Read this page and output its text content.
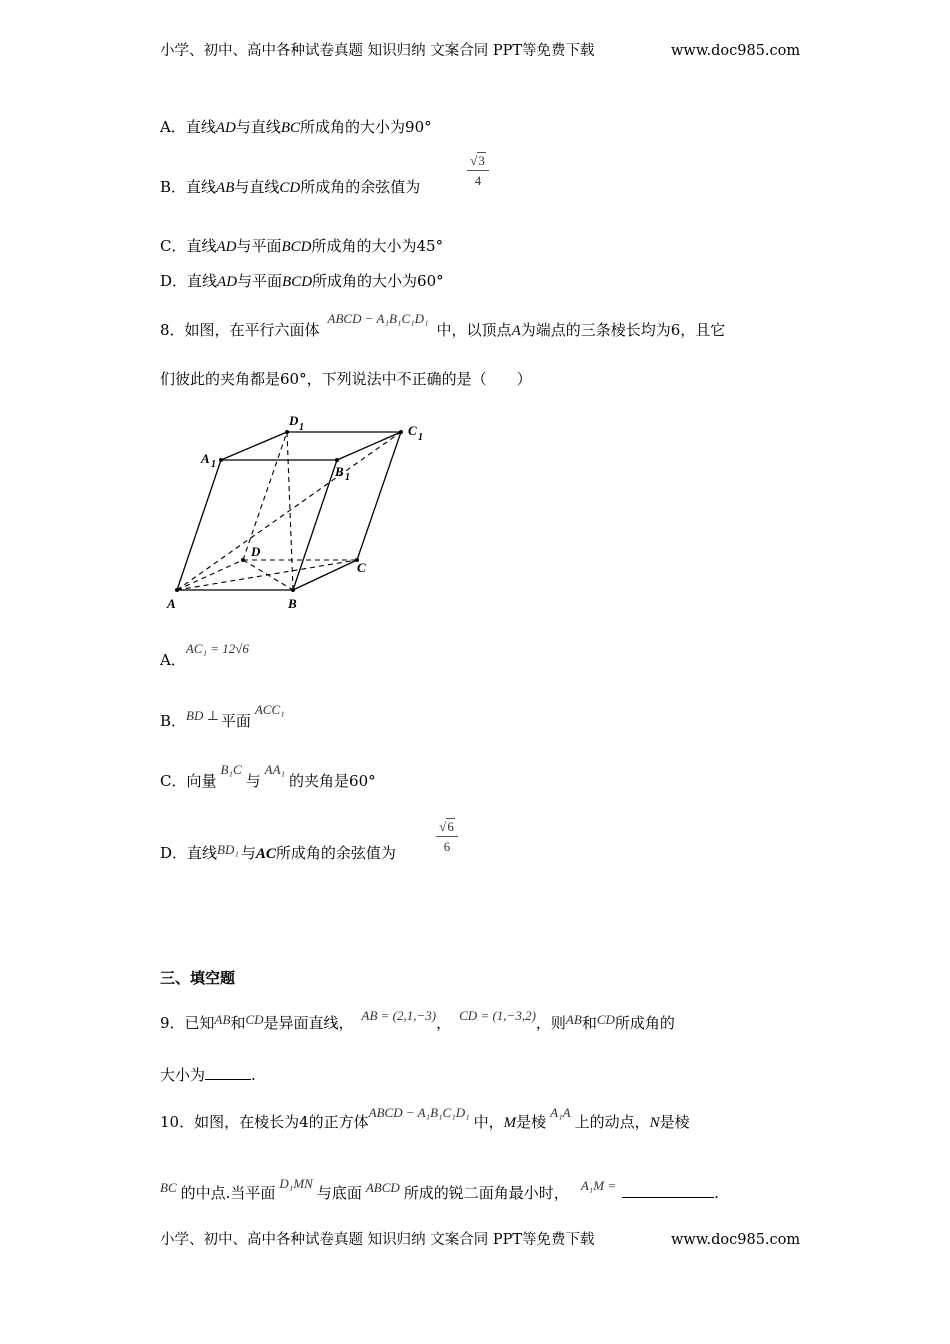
小学、初中、高中各种试卷真题 知识归纳 文案合同 PPT等免费下载	www.doc985.com
A．直线AD与直线BC所成角的大小为90°
B．直线AB与直线CD所成角的余弦值为
√3
4
C．直线AD与平面BCD所成角的大小为45°
D．直线AD与平面BCD所成角的大小为60°
8．如图，在平行六面体ABCD − A₁B₁C₁D₁中，以顶点A为端点的三条棱长均为6，且它
们彼此的夹角都是60°，下列说法中不正确的是（　　）
A	B
C
D
A 1	B 1
C 1
D 1
A．AC₁ = 12√6
B．BD ⊥ 平面ACC₁
C．向量B₁C与AA₁的夹角是60°
D．直线BD₁ 与AC所成角的余弦值为
√6
6
三、填空题
9．已知AB和CD是异面直线， AB = (2,1,−3)， CD = (1,−3,2)，则AB和CD所成角的
大小为	.
10．如图，在棱长为4的正方体ABCD − A₁B₁C₁D₁中，M是棱A₁A上的动点，N是棱
BC 的中点.当平面D₁MN与底面 ABCD 所成的锐二面角最小时， A₁M =	.
小学、初中、高中各种试卷真题 知识归纳 文案合同 PPT等免费下载	www.doc985.com
